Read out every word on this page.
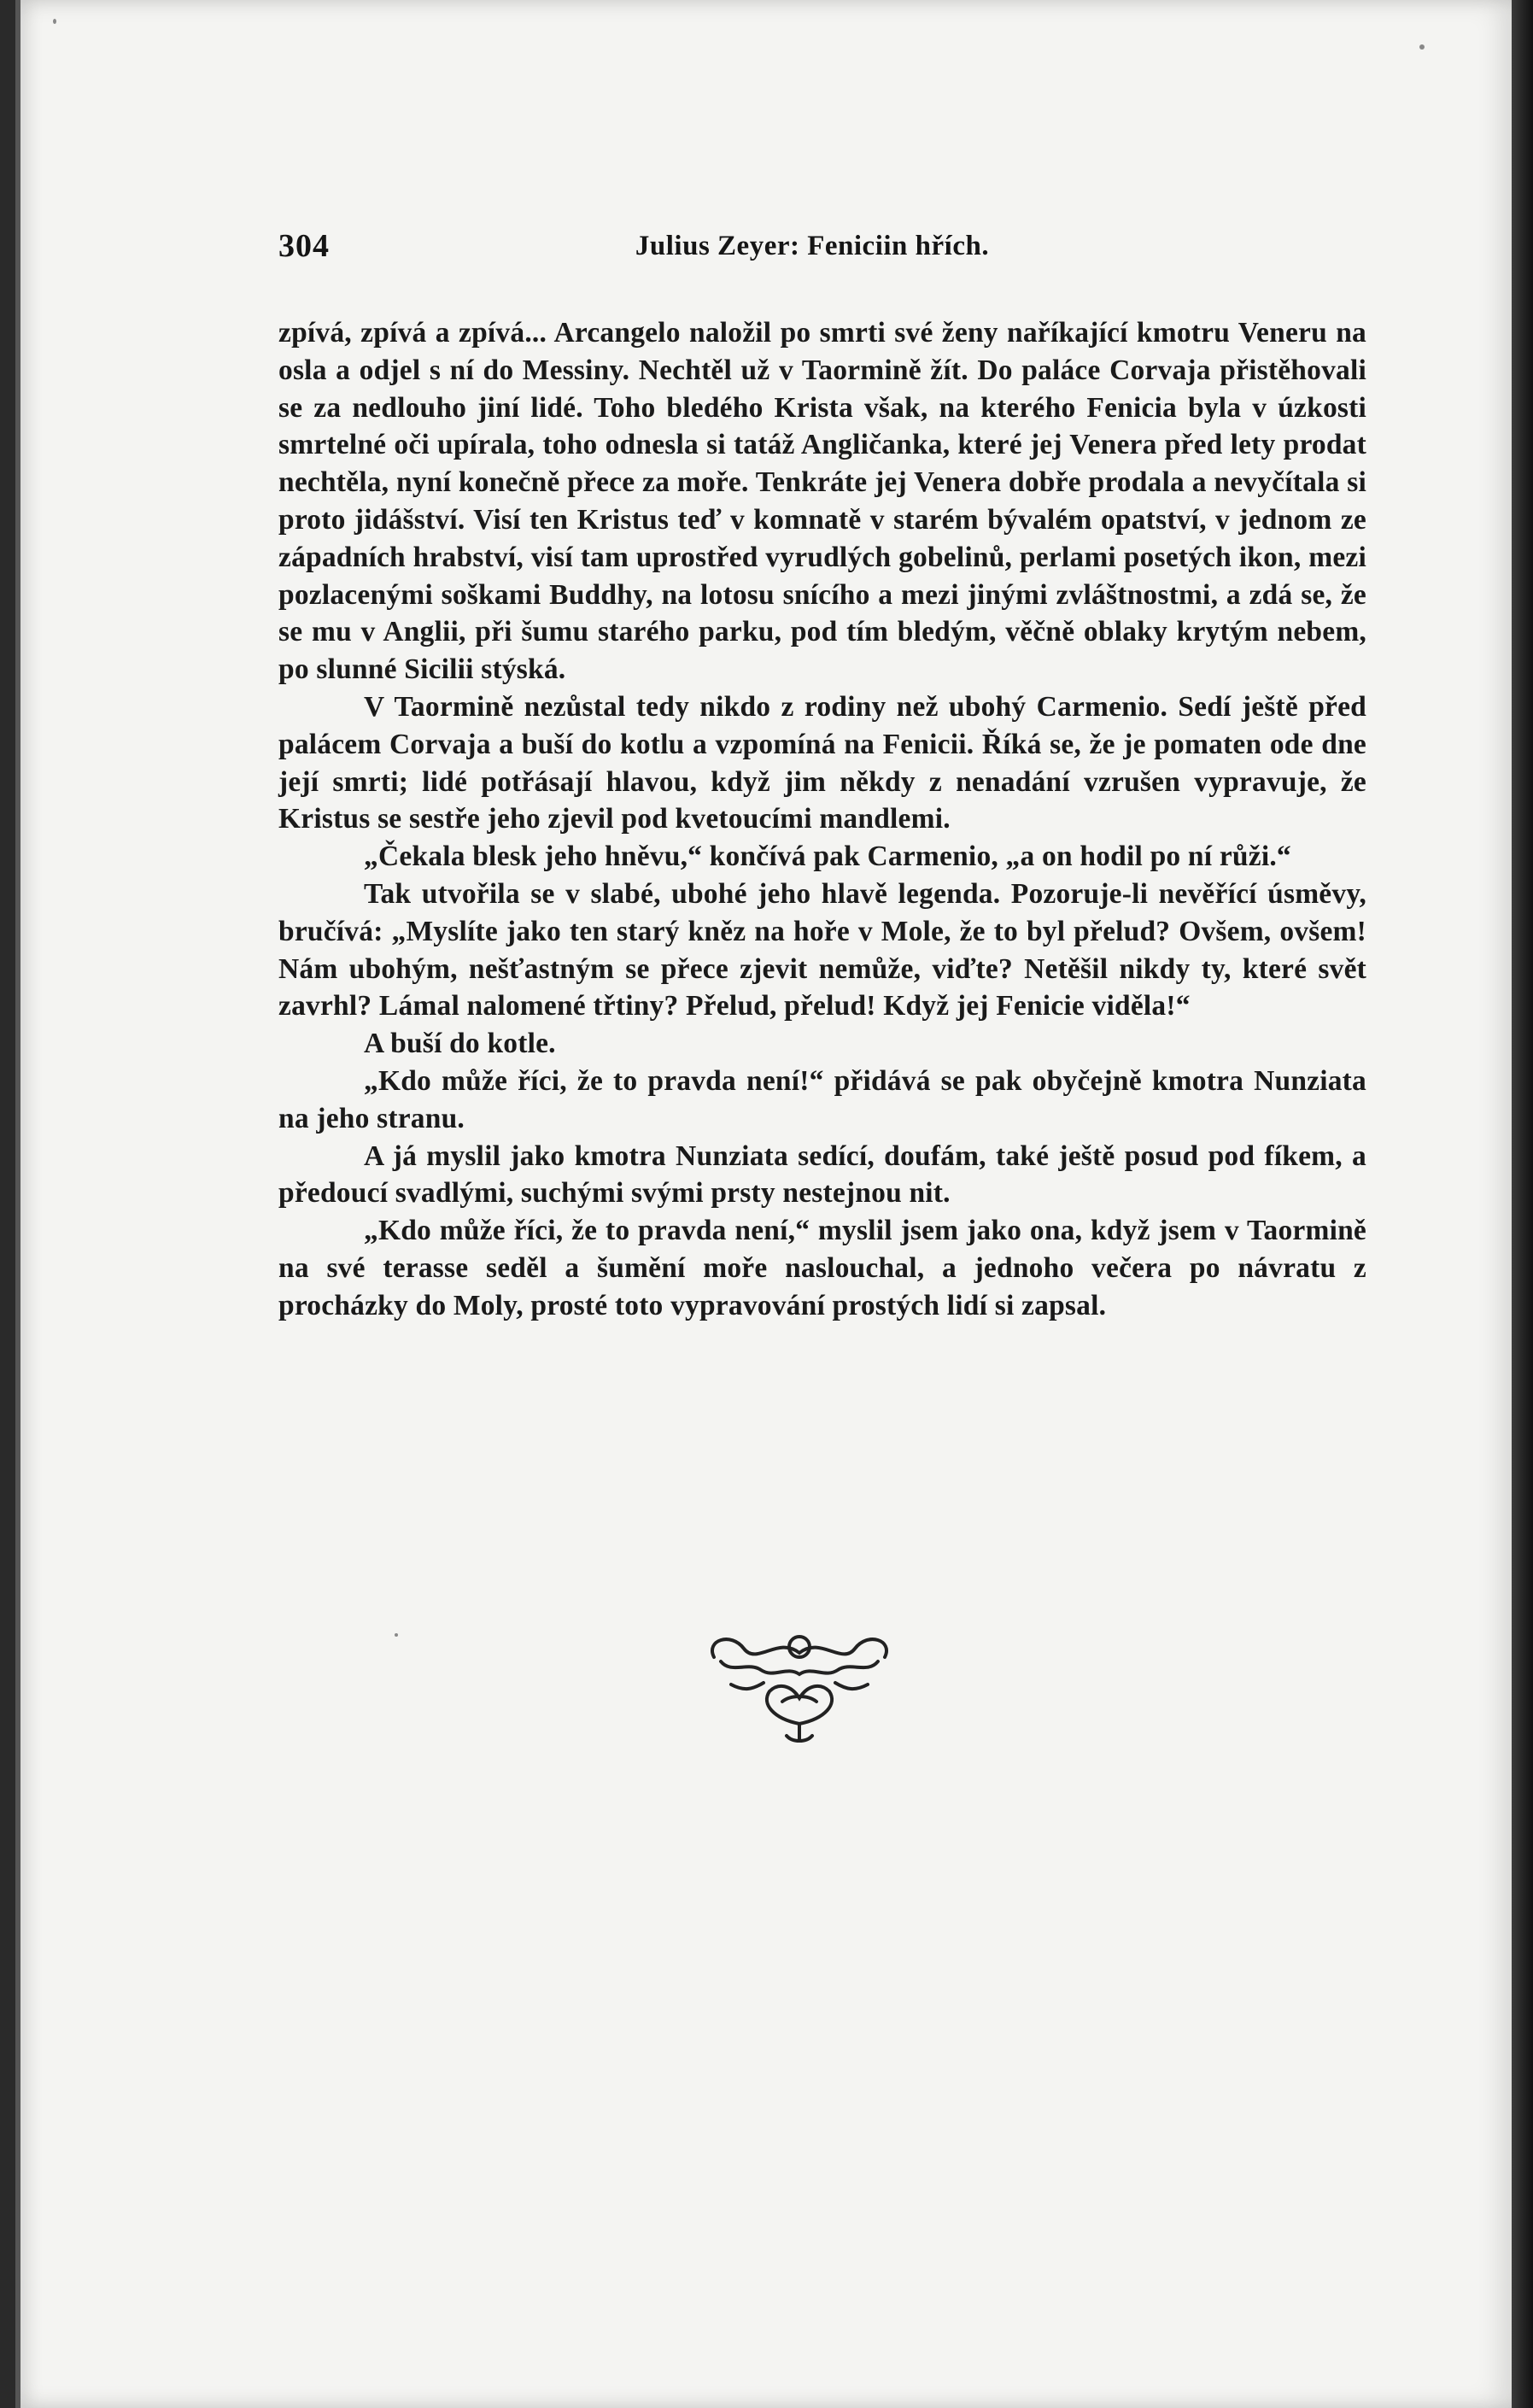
304	Julius Zeyer: Feniciin hřích.

zpívá, zpívá a zpívá... Arcangelo naložil po smrti své ženy naříkající kmotru Veneru na osla a odjel s ní do Messiny. Nechtěl už v Taormině žít. Do paláce Corvaja přistěhovali se za nedlouho jiní lidé. Toho bledého Krista však, na kterého Fenicia byla v úzkosti smrtelné oči upírala, toho odnesla si tatáž Angličanka, které jej Venera před lety prodat nechtěla, nyní konečně přece za moře. Tenkráte jej Venera dobře prodala a nevyčítala si proto jidášství. Visí ten Kristus teď v komnatě v starém bývalém opatství, v jednom ze západních hrabství, visí tam uprostřed vyrudlých gobelinů, perlami posetých ikon, mezi pozlacenými soškami Buddhy, na lotosu snícího a mezi jinými zvláštnostmi, a zdá se, že se mu v Anglii, při šumu starého parku, pod tím bledým, věčně oblaky krytým nebem, po slunné Sicilii stýská.

V Taormině nezůstal tedy nikdo z rodiny než ubohý Carmenio. Sedí ještě před palácem Corvaja a buší do kotlu a vzpomíná na Fenicii. Říká se, že je pomaten ode dne její smrti; lidé potřásají hlavou, když jim někdy z nenadání vzrušen vypravuje, že Kristus se sestře jeho zjevil pod kvetoucími mandlemi.

„Čekala blesk jeho hněvu,“ končívá pak Carmenio, „a on hodil po ní růži.“

Tak utvořila se v slabé, ubohé jeho hlavě legenda. Pozoruje-li nevěřící úsměvy, bručívá: „Myslíte jako ten starý kněz na hoře v Mole, že to byl přelud? Ovšem, ovšem! Nám ubohým, nešťastným se přece zjevit nemůže, viďte? Netěšil nikdy ty, které svět zavrhl? Lámal nalomené třtiny? Přelud, přelud! Když jej Fenicie viděla!“

A buší do kotle.

„Kdo může říci, že to pravda není!“ přidává se pak obyčejně kmotra Nunziata na jeho stranu.

A já myslil jako kmotra Nunziata sedící, doufám, také ještě posud pod fíkem, a předoucí svadlými, suchými svými prsty nestejnou nit.

„Kdo může říci, že to pravda není,“ myslil jsem jako ona, když jsem v Taormině na své terasse seděl a šumění moře naslouchal, a jednoho večera po návratu z procházky do Moly, prosté toto vypravování prostých lidí si zapsal.
